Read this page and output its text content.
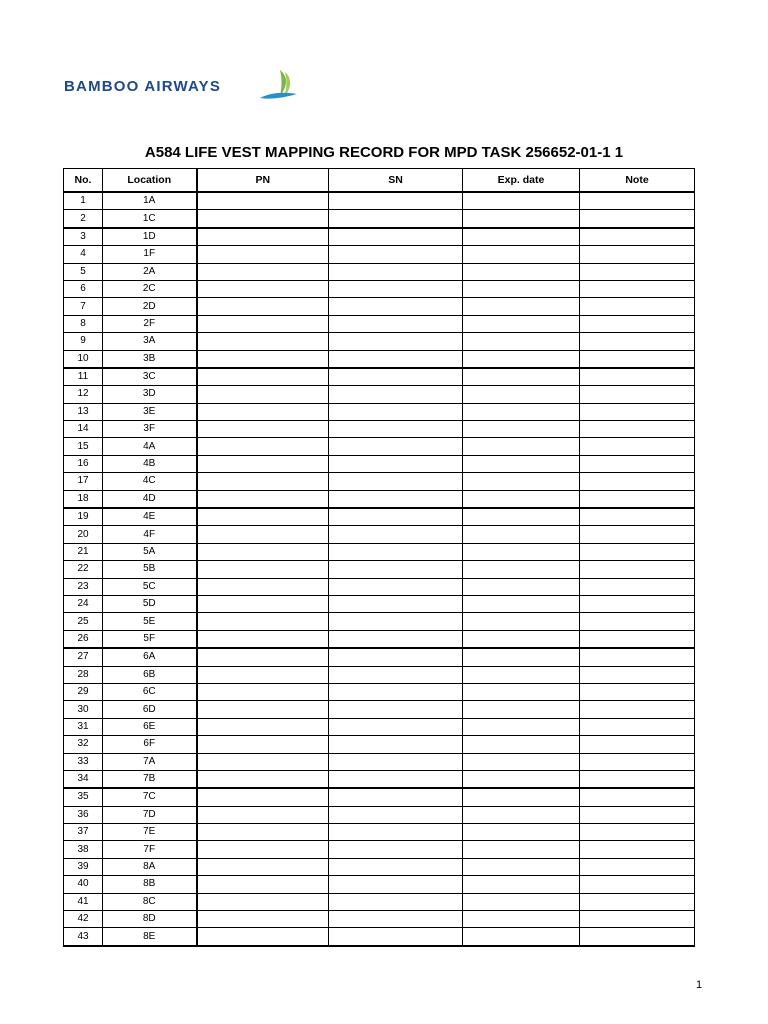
BAMBOO AIRWAYS
A584 LIFE VEST MAPPING RECORD FOR MPD TASK 256652-01-1 1
No.	Location	PN	SN	Exp. date	Note
1	1A				
2	1C				
3	1D				
4	1F				
5	2A				
6	2C				
7	2D				
8	2F				
9	3A				
10	3B				
11	3C				
12	3D				
13	3E				
14	3F				
15	4A				
16	4B				
17	4C				
18	4D				
19	4E				
20	4F				
21	5A				
22	5B				
23	5C				
24	5D				
25	5E				
26	5F				
27	6A				
28	6B				
29	6C				
30	6D				
31	6E				
32	6F				
33	7A				
34	7B				
35	7C				
36	7D				
37	7E				
38	7F				
39	8A				
40	8B				
41	8C				
42	8D				
43	8E				
1
